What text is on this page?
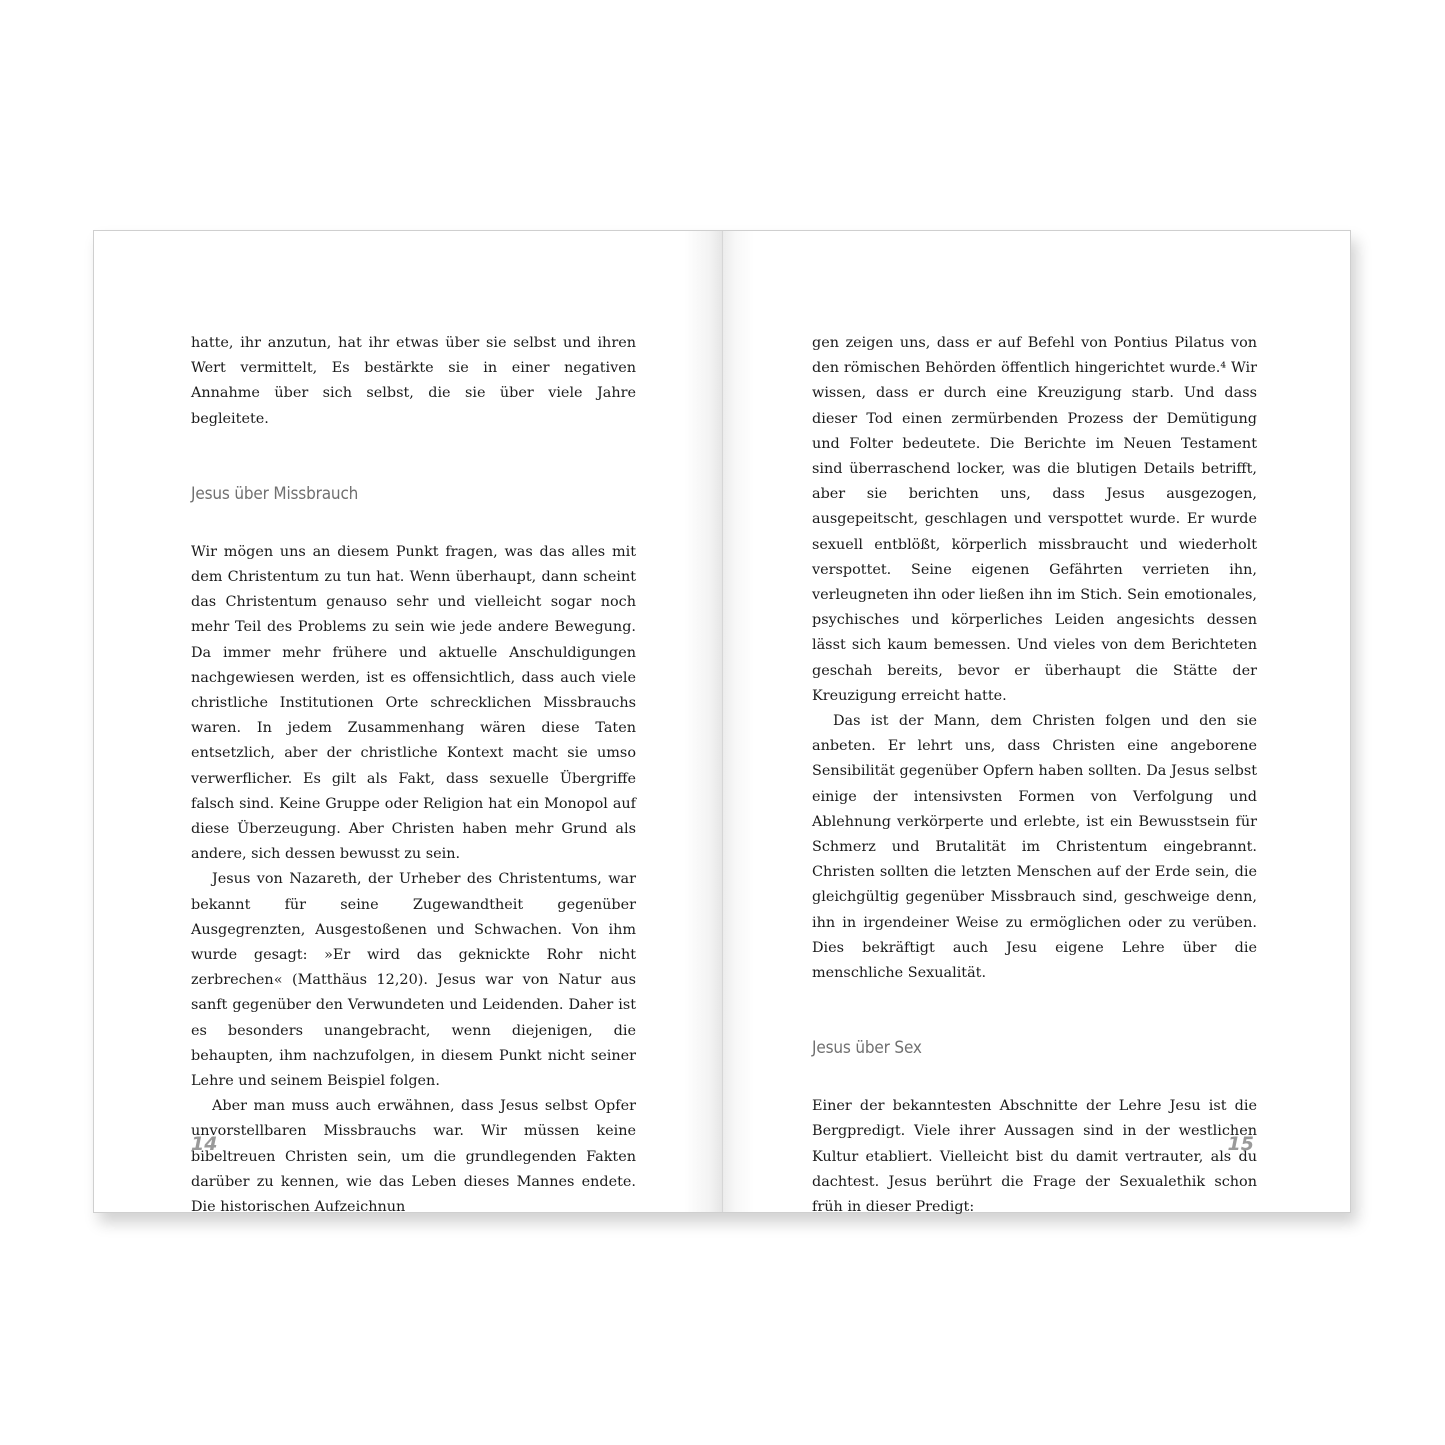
hatte, ihr anzutun, hat ihr etwas über sie selbst und ihren Wert vermittelt, Es bestärkte sie in einer negativen Annahme über sich selbst, die sie über viele Jahre begleitete.

Jesus über Missbrauch

Wir mögen uns an diesem Punkt fragen, was das alles mit dem Christentum zu tun hat. Wenn überhaupt, dann scheint das Christentum genauso sehr und vielleicht sogar noch mehr Teil des Problems zu sein wie jede andere Bewegung. Da immer mehr frühere und aktuelle Anschuldigungen nachgewiesen werden, ist es offensichtlich, dass auch viele christliche Institutionen Orte schrecklichen Missbrauchs waren. In jedem Zusammenhang wären diese Taten entsetzlich, aber der christliche Kontext macht sie umso verwerflicher. Es gilt als Fakt, dass sexuelle Übergriffe falsch sind. Keine Gruppe oder Religion hat ein Monopol auf diese Überzeugung. Aber Christen haben mehr Grund als andere, sich dessen bewusst zu sein.

Jesus von Nazareth, der Urheber des Christentums, war bekannt für seine Zugewandtheit gegenüber Ausgegrenzten, Ausgestoßenen und Schwachen. Von ihm wurde gesagt: »Er wird das geknickte Rohr nicht zerbrechen« (Matthäus 12,20). Jesus war von Natur aus sanft gegenüber den Verwundeten und Leidenden. Daher ist es besonders unangebracht, wenn diejenigen, die behaupten, ihm nachzufolgen, in diesem Punkt nicht seiner Lehre und seinem Beispiel folgen.

Aber man muss auch erwähnen, dass Jesus selbst Opfer unvorstellbaren Missbrauchs war. Wir müssen keine bibeltreuen Christen sein, um die grundlegenden Fakten darüber zu kennen, wie das Leben dieses Mannes endete. Die historischen Aufzeichnun

14

gen zeigen uns, dass er auf Befehl von Pontius Pilatus von den römischen Behörden öffentlich hingerichtet wurde.⁴ Wir wissen, dass er durch eine Kreuzigung starb. Und dass dieser Tod einen zermürbenden Prozess der Demütigung und Folter bedeutete. Die Berichte im Neuen Testament sind überraschend locker, was die blutigen Details betrifft, aber sie berichten uns, dass Jesus ausgezogen, ausgepeitscht, geschlagen und verspottet wurde. Er wurde sexuell entblößt, körperlich missbraucht und wiederholt verspottet. Seine eigenen Gefährten verrieten ihn, verleugneten ihn oder ließen ihn im Stich. Sein emotionales, psychisches und körperliches Leiden angesichts dessen lässt sich kaum bemessen. Und vieles von dem Berichteten geschah bereits, bevor er überhaupt die Stätte der Kreuzigung erreicht hatte.

Das ist der Mann, dem Christen folgen und den sie anbeten. Er lehrt uns, dass Christen eine angeborene Sensibilität gegenüber Opfern haben sollten. Da Jesus selbst einige der intensivsten Formen von Verfolgung und Ablehnung verkörperte und erlebte, ist ein Bewusstsein für Schmerz und Brutalität im Christentum eingebrannt. Christen sollten die letzten Menschen auf der Erde sein, die gleichgültig gegenüber Missbrauch sind, geschweige denn, ihn in irgendeiner Weise zu ermöglichen oder zu verüben. Dies bekräftigt auch Jesu eigene Lehre über die menschliche Sexualität.

Jesus über Sex

Einer der bekanntesten Abschnitte der Lehre Jesu ist die Bergpredigt. Viele ihrer Aussagen sind in der westlichen Kultur etabliert. Vielleicht bist du damit vertrauter, als du dachtest. Jesus berührt die Frage der Sexualethik schon früh in dieser Predigt:

15
